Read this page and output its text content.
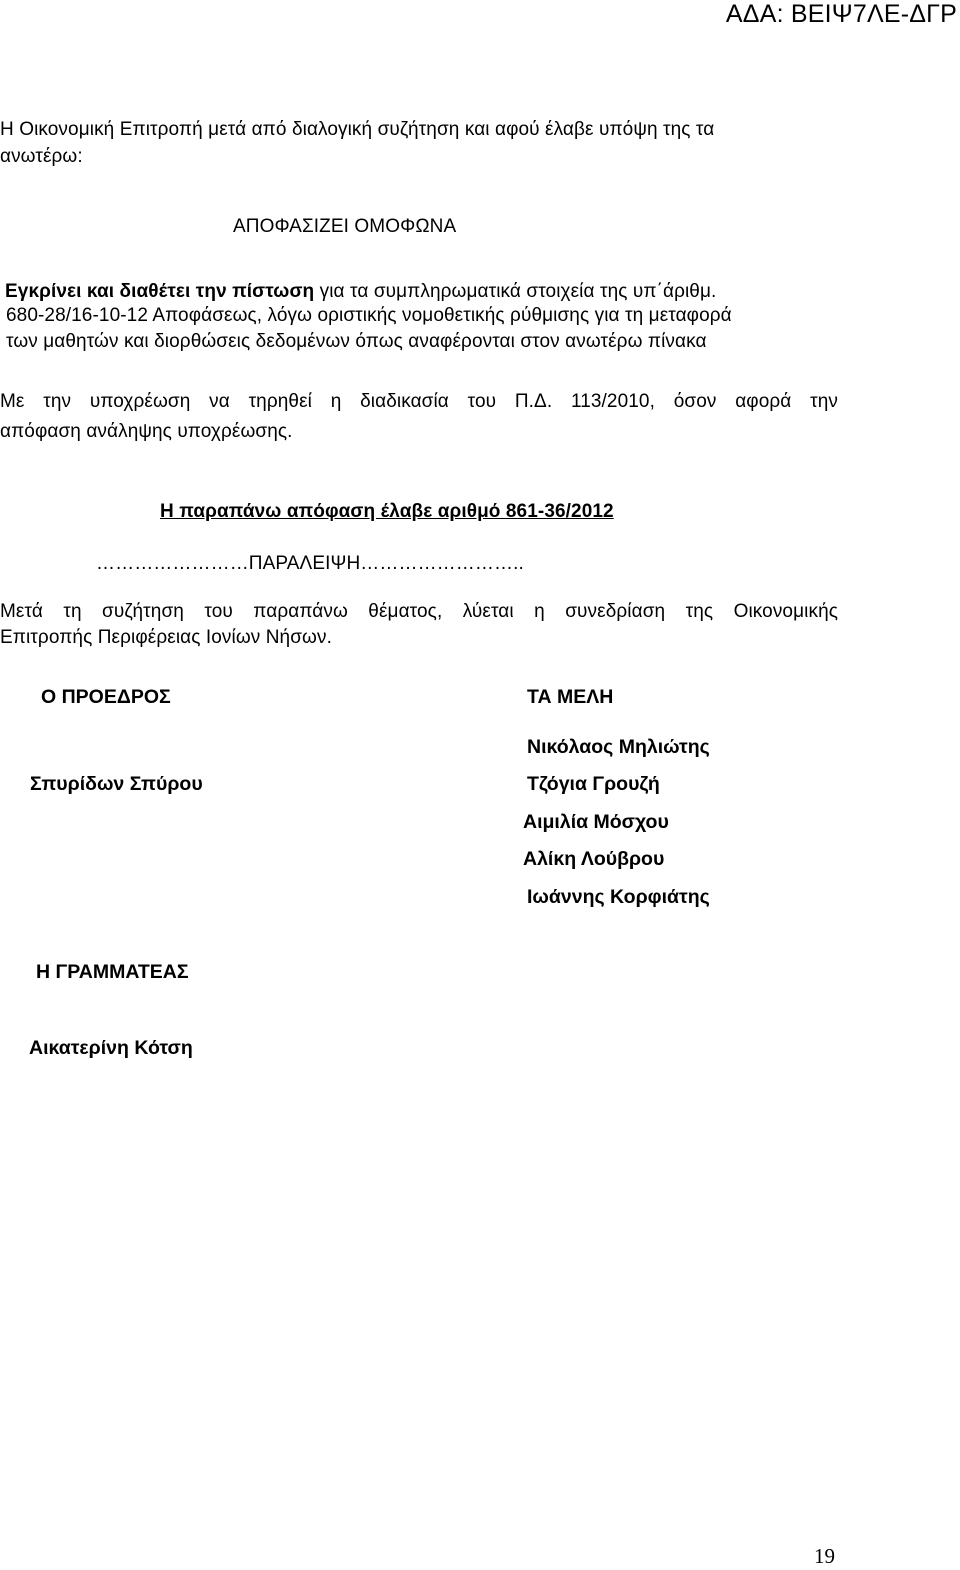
ΑΔΑ: ΒΕΙΨ7ΛΕ-ΔΓΡ
Η Οικονομική Επιτροπή μετά από διαλογική συζήτηση και αφού έλαβε υπόψη της τα
ανωτέρω:
ΑΠΟΦΑΣΙΖΕΙ ΟΜΟΦΩΝΑ
Εγκρίνει και διαθέτει την πίστωση για τα συμπληρωματικά στοιχεία της υπ΄άριθμ.
680-28/16-10-12 Αποφάσεως, λόγω οριστικής νομοθετικής ρύθμισης για τη μεταφορά
των μαθητών και διορθώσεις δεδομένων όπως αναφέρονται στον ανωτέρω πίνακα
Με την υποχρέωση να τηρηθεί η διαδικασία του Π.Δ. 113/2010, όσον αφορά την
απόφαση ανάληψης υποχρέωσης.
Η παραπάνω απόφαση έλαβε αριθμό 861-36/2012
……………………ΠΑΡΑΛΕΙΨΗ……………………..
Μετά τη συζήτηση του παραπάνω θέματος, λύεται η συνεδρίαση της Οικονομικής
Επιτροπής Περιφέρειας Ιονίων Νήσων.
Ο ΠΡΟΕΔΡΟΣ
Σπυρίδων Σπύρου
ΤΑ ΜΕΛΗ
Νικόλαος Μηλιώτης
Τζόγια Γρουζή
Αιμιλία Μόσχου
Αλίκη Λούβρου
Ιωάννης Κορφιάτης
Η ΓΡΑΜΜΑΤΕΑΣ
Αικατερίνη Κότση
19
